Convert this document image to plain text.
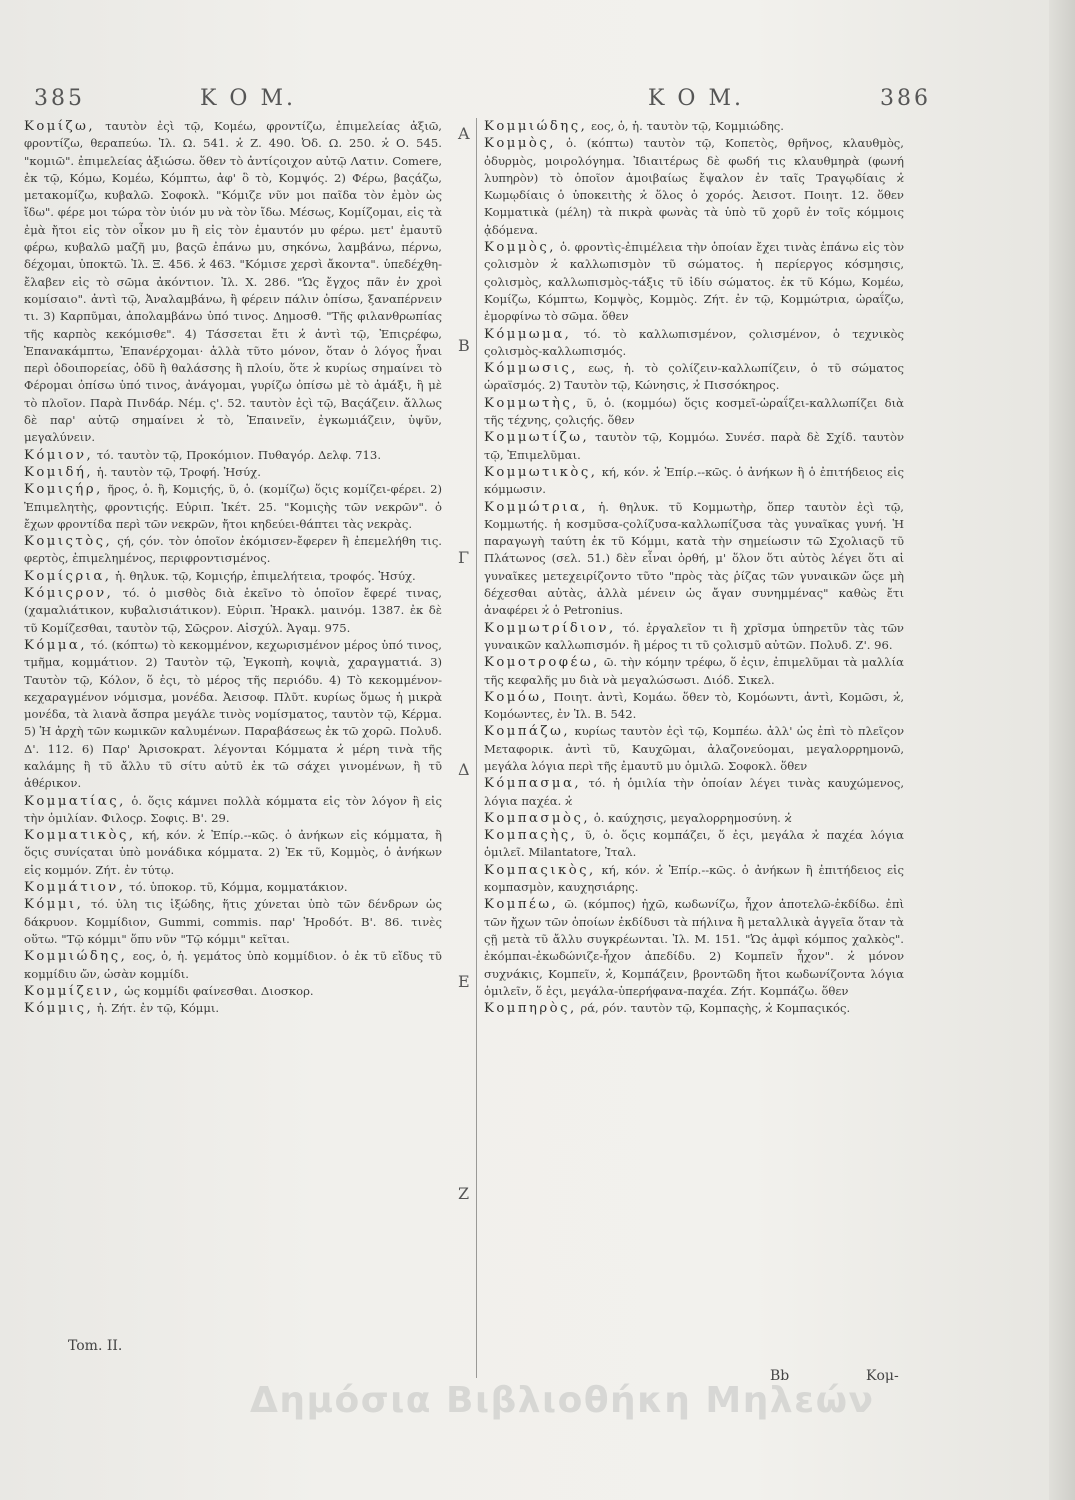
385	Κ Ο Μ.	Κ Ο Μ.	386

Κομίζω, ταυτὸν ἐςὶ τῷ, Κομέω, φροντίζω, ἐπιμελείας ἀξιῶ, φροντίζω, θεραπεύω. Ἰλ. Ω. 541. ϰ̔ Ζ. 490. Ὀδ. Ω. 250. ϰ̔ Ο. 545. "κομιῶ". ἐπιμελείας ἀξιώσω. ὅθεν τὸ ἀντίςοιχον αὐτῷ Λατιν. Comere, ἐκ τῷ, Κόμω, Κομέω, Κόμπτω, ἀφ' ὃ τὸ, Κομψός. 2) Φέρω, βαςάζω, μετακομίζω, κυβαλῶ. Σοφοκλ. "Κόμιζε νῦν μοι παῖδα τὸν ἐμὸν ὡς ἴδω". φέρε μοι τώρα τὸν ὑιόν μυ νὰ τὸν ἴδω. Μέσως, Κομίζομαι, εἰς τὰ ἐμὰ ἤτοι εἰς τὸν οἶκον μυ ἢ εἰς τὸν ἐμαυτόν μυ φέρω. μετ' ἐμαυτῦ φέρω, κυβαλῶ μαζῆ μυ, βαςῶ ἐπάνω μυ, σηκόνω, λαμβάνω, πέρνω, δέχομαι, ὑποκτῶ. Ἰλ. Ξ. 456. ϰ̔ 463. "Κόμισε χερσὶ ἄκοντα". ὑπεδέχθη-ἔλαβεν εἰς τὸ σῶμα ἀκόντιον. Ἰλ. Χ. 286. "Ὡς ἔγχος πᾶν ἐν χροὶ κομίσαιο". ἀντὶ τῷ, Ἀναλαμβάνω, ἢ φέρειν πάλιν ὀπίσω, ξαναπέρνειν τι. 3) Καρπῦμαι, ἀπολαμβάνω ὑπό τινος. Δημοσθ. "Τῆς φιλανθρωπίας τῆς καρπὸς κεκόμισθε". 4) Τάσσεται ἔτι ϰ̔ ἀντὶ τῷ, Ἐπιςρέφω, Ἐπανακάμπτω, Ἐπανέρχομαι· ἀλλὰ τῦτο μόνον, ὅταν ὁ λόγος ἦναι περὶ ὁδοιπορείας, ὁδῦ ἢ θαλάσσης ἢ πλοίυ, ὅτε ϰ̔ κυρίως σημαίνει τὸ Φέρομαι ὀπίσω ὑπό τινος, ἀνάγομαι, γυρίζω ὀπίσω μὲ τὸ ἁμάξι, ἢ μὲ τὸ πλοῖον. Παρὰ Πινδάρ. Νέμ. ς'. 52. ταυτὸν ἐςὶ τῷ, Βαςάζειν. ἄλλως δὲ παρ' αὐτῷ σημαίνει ϰ̔ τὸ, Ἐπαινεῖν, ἐγκωμιάζειν, ὑψῦν, μεγαλύνειν.

Κόμιον, τό. ταυτὸν τῷ, Προκόμιον. Πυθαγόρ. Δελφ. 713.

Κομιδή, ἡ. ταυτὸν τῷ, Τροφή. Ἡσύχ.

Κομιςήρ, ῆρος, ὁ. ἢ, Κομιςής, ῦ, ὁ. (κομίζω) ὅςις κομίζει-φέρει. 2) Ἐπιμελητὴς, φροντιςής. Εὐριπ. Ἱκέτ. 25. "Κομιςὴς τῶν νεκρῶν". ὁ ἔχων φροντίδα περὶ τῶν νεκρῶν, ἤτοι κηδεύει-θάπτει τὰς νεκρὰς.

Κομιςτὸς, ςή, ςόν. τὸν ὁποῖον ἐκόμισεν-ἔφερεν ἢ ἐπεμελήθη τις. φερτὸς, ἐπιμελημένος, περιφροντισμένος.

Κομίςρια, ἡ. θηλυκ. τῷ, Κομιςήρ, ἐπιμελήτεια, τροφός. Ἡσύχ.

Κόμιςρον, τό. ὁ μισθὸς διὰ ἐκεῖνο τὸ ὁποῖον ἔφερέ τινας, (χαμαλιάτικον, κυβαλισιάτικον). Εὐριπ. Ἡρακλ. μαινόμ. 1387. ἐκ δὲ τῦ Κομίζεσθαι, ταυτὸν τῷ, Σῶςρον. Αἰσχύλ. Ἀγαμ. 975.

Κόμμα, τό. (κόπτω) τὸ κεκομμένον, κεχωρισμένον μέρος ὑπό τινος, τμῆμα, κομμάτιον. 2) Ταυτὸν τῷ, Ἐγκοπὴ, κοψιὰ, χαραγματιά. 3) Ταυτὸν τῷ, Κόλον, ὅ ἐςι, τὸ μέρος τῆς περιόδυ. 4) Τὸ κεκομμένον-κεχαραγμένον νόμισμα, μονέδα. Ἀεισοφ. Πλῦτ. κυρίως ὅμως ἡ μικρὰ μονέδα, τὰ λιανὰ ἄσπρα μεγάλε τινὸς νομίσματος, ταυτὸν τῷ, Κέρμα. 5) Ἡ ἀρχὴ τῶν κωμικῶν καλυμένων. Παραβάσεως ἐκ τῶ χορῶ. Πολυδ. Δ'. 112. 6) Παρ' Ἀρισοκρατ. λέγονται Κόμματα ϰ̔ μέρη τινὰ τῆς καλάμης ἢ τῦ ἄλλυ τῦ σίτυ αὐτῦ ἐκ τῶ σάχει γινομένων, ἢ τῦ ἀθέρικον.

Κομματίας, ὁ. ὅςις κάμνει πολλὰ κόμματα εἰς τὸν λόγον ἢ εἰς τὴν ὁμιλίαν. Φιλοςρ. Σοφις. Β'. 29.

Κομματικὸς, κή, κόν. ϰ̔ Ἐπίρ.--κῶς. ὁ ἀνήκων εἰς κόμματα, ἢ ὅςις συνίςαται ὑπὸ μονάδικα κόμματα. 2) Ἐκ τῦ, Κομμὸς, ὁ ἀνήκων εἰς κομμόν. Ζήτ. ἐν τύτῳ.

Κομμάτιον, τό. ὑποκορ. τῦ, Κόμμα, κομματάκιον.

Κόμμι, τό. ὑλη τις ἰξώδης, ἥτις χύνεται ὑπὸ τῶν δένδρων ὡς δάκρυον. Κομμίδιον, Gummi, commis. παρ' Ἡροδότ. Β'. 86. τινὲς οὕτω. "Τῷ κόμμι" ὅπυ νῦν "Τῷ κόμμι" κεῖται.

Κομμιώδης, εος, ὁ, ἡ. γεμάτος ὑπὸ κομμίδιον. ὁ ἐκ τῦ εἴδυς τῦ κομμίδιυ ὤν, ὡσὰν κομμίδι.

Κομμίζειν, ὡς κομμίδι φαίνεσθαι. Διοσκορ.

Κόμμις, ἡ. Ζήτ. ἐν τῷ, Κόμμι.

Α
Β
Γ
Δ
Ε
Ζ

Κομμιώδης, εος, ὁ, ἡ. ταυτὸν τῷ, Κομμιώδης.

Κομμὸς, ὁ. (κόπτω) ταυτὸν τῷ, Κοπετὸς, θρῆνος, κλαυθμὸς, ὀδυρμὸς, μοιρολόγημα. Ἰδιαιτέρως δὲ φωδή τις κλαυθμηρὰ (φωνή λυπηρὸν) τὸ ὁποῖον ἀμοιβαίως ἔψαλον ἐν ταῖς Τραγῳδίαις ϰ̔ Κωμῳδίαις ὁ ὑποκειτὴς ϰ̔ ὅλος ὁ χορός. Ἀεισοτ. Ποιητ. 12. ὅθεν Κομματικὰ (μέλη) τὰ πικρὰ φωνὰς τὰ ὑπὸ τῦ χορῦ ἐν τοῖς κόμμοις ᾀδόμενα.

Κομμὸς, ὁ. φροντὶς-ἐπιμέλεια τὴν ὁποίαν ἔχει τινὰς ἐπάνω εἰς τὸν ςολισμὸν ϰ̔ καλλωπισμὸν τῦ σώματος. ἡ περίεργος κόσμησις, ςολισμὸς, καλλωπισμὸς-τάξις τῦ ἰδίυ σώματος. ἐκ τῦ Κόμω, Κομέω, Κομίζω, Κόμπτω, Κομψὸς, Κομμὸς. Ζήτ. ἐν τῷ, Κομμώτρια, ὡραΐζω, ἐμορφίνω τὸ σῶμα. ὅθεν

Κόμμωμα, τό. τὸ καλλωπισμένον, ςολισμένον, ὁ τεχνικὸς ςολισμὸς-καλλωπισμός.

Κόμμωσις, εως, ἡ. τὸ ςολίζειν-καλλωπίζειν, ὁ τῦ σώματος ὡραϊσμός. 2) Ταυτὸν τῷ, Κώνησις, ϰ̔ Πισσόκηρος.

Κομμωτὴς, ῦ, ὁ. (κομμόω) ὅςις κοσμεῖ-ὡραΐζει-καλλωπίζει διὰ τῆς τέχνης, ςολιςής. ὅθεν

Κομμωτίζω, ταυτὸν τῷ, Κομμόω. Συνέσ. παρὰ δὲ Σχίδ. ταυτὸν τῷ, Ἐπιμελῦμαι.

Κομμωτικὸς, κή, κόν. ϰ̔ Ἐπίρ.--κῶς. ὁ ἀνήκων ἢ ὁ ἐπιτήδειος εἰς κόμμωσιν.

Κομμώτρια, ἡ. θηλυκ. τῦ Κομμωτὴρ, ὅπερ ταυτὸν ἐςὶ τῷ, Κομμωτής. ἡ κοσμῦσα-ςολίζυσα-καλλωπίζυσα τὰς γυναῖκας γυνή. Ἡ παραγωγὴ ταύτη ἐκ τῦ Κόμμι, κατὰ τὴν σημείωσιν τῶ Σχολιαςῦ τῦ Πλάτωνος (σελ. 51.) δὲν εἶναι ὀρθή, μ' ὅλον ὅτι αὐτὸς λέγει ὅτι αἱ γυναῖκες μετεχειρίζοντο τῦτο "πρὸς τὰς ῥίζας τῶν γυναικῶν ὥςε μὴ δέχεσθαι αὐτὰς, ἀλλὰ μένειν ὡς ἄγαν συνημμένας" καθὼς ἔτι ἀναφέρει ϰ̔ ὁ Petronius.

Κομμωτρίδιον, τό. ἐργαλεῖον τι ἢ χρῖσμα ὑπηρετῦν τὰς τῶν γυναικῶν καλλωπισμόν. ἢ μέρος τι τῦ ςολισμῦ αὐτῶν. Πολυδ. Ζ'. 96.

Κομοτροφέω, ῶ. τὴν κόμην τρέφω, ὅ ἐςιν, ἐπιμελῦμαι τὰ μαλλία τῆς κεφαλῆς μυ διὰ νὰ μεγαλώσωσι. Διόδ. Σικελ.

Κομόω, Ποιητ. ἀντὶ, Κομάω. ὅθεν τὸ, Κομόωντι, ἀντὶ, Κομῶσι, ϰ̔, Κομόωντες, ἐν Ἰλ. Β. 542.

Κομπάζω, κυρίως ταυτὸν ἐςὶ τῷ, Κομπέω. ἀλλ' ὡς ἐπὶ τὸ πλεῖςον Μεταφορικ. ἀντὶ τῦ, Καυχῶμαι, ἀλαζονεύομαι, μεγαλορρημονῶ, μεγάλα λόγια περὶ τῆς ἐμαυτῦ μυ ὁμιλῶ. Σοφοκλ. ὅθεν

Κόμπασμα, τό. ἡ ὁμιλία τὴν ὁποίαν λέγει τινὰς καυχώμενος, λόγια παχέα. ϰ̔

Κομπασμὸς, ὁ. καύχησις, μεγαλορρημοσύνη. ϰ̔

Κομπαςὴς, ῦ, ὁ. ὅςις κομπάζει, ὅ ἐςι, μεγάλα ϰ̔ παχέα λόγια ὁμιλεῖ. Milantatore, Ἰταλ.

Κομπαςικὸς, κή, κόν. ϰ̔ Ἐπίρ.--κῶς. ὁ ἀνήκων ἢ ἐπιτήδειος εἰς κομπασμὸν, καυχησιάρης.

Κομπέω, ῶ. (κόμπος) ἠχῶ, κωδωνίζω, ἦχον ἀποτελῶ-ἐκδίδω. ἐπὶ τῶν ἤχων τῶν ὁποίων ἐκδίδυσι τὰ πήλινα ἢ μεταλλικὰ ἀγγεῖα ὅταν τὰ ςῇ μετὰ τῦ ἄλλυ συγκρέωνται. Ἰλ. Μ. 151. "Ὡς ἀμφὶ κόμπος χαλκὸς". ἐκόμπαι-ἐκωδώνιζε-ἦχον ἀπεδίδυ. 2) Κομπεῖν ἦχον". ϰ̔ μόνον συχνάκις, Κομπεῖν, ϰ̔, Κομπάζειν, βροντῶδη ἤτοι κωδωνίζοντα λόγια ὁμιλεῖν, ὅ ἐςι, μεγάλα-ὑπερήφανα-παχέα. Ζήτ. Κομπάζω. ὅθεν

Κομπηρὸς, ρά, ρόν. ταυτὸν τῷ, Κομπαςὴς, ϰ̔ Κομπαςικός.

Tom. II.
Bb	Κομ-
Δημόσια Βιβλιοθήκη Μηλεών
